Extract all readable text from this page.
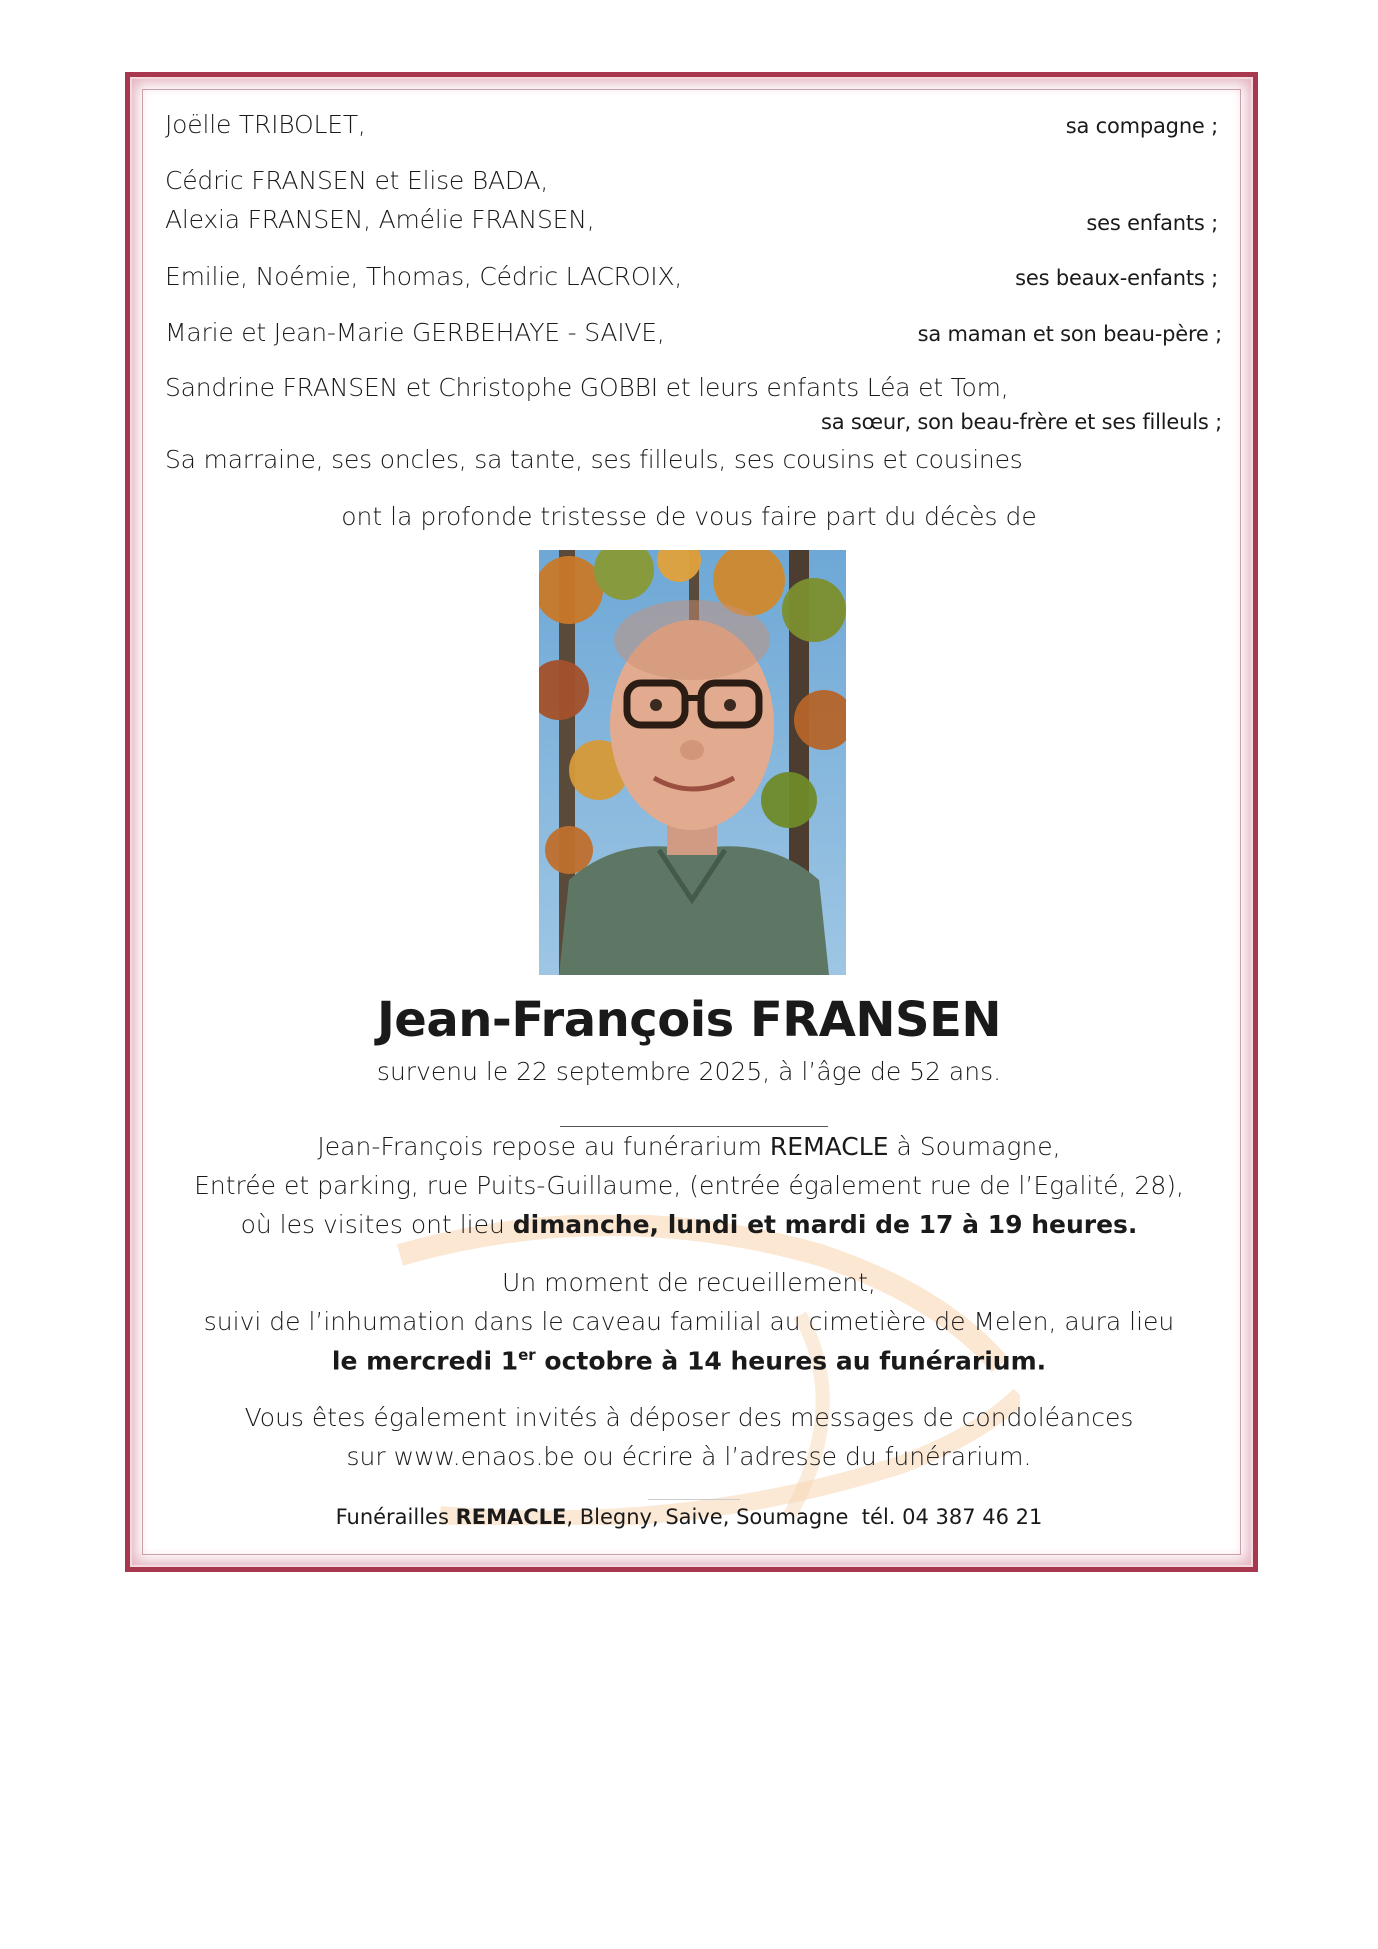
Joëlle TRIBOLET,	sa compagne ;
Cédric FRANSEN et Elise BADA,
Alexia FRANSEN, Amélie FRANSEN,	ses enfants ;
Emilie, Noémie, Thomas, Cédric LACROIX,	ses beaux-enfants ;
Marie et Jean-Marie GERBEHAYE - SAIVE,	sa maman et son beau-père ;
Sandrine FRANSEN et Christophe GOBBI et leurs enfants Léa et Tom,
sa sœur, son beau-frère et ses filleuls ;
Sa marraine, ses oncles, sa tante, ses filleuls, ses cousins et cousines
ont la profonde tristesse de vous faire part du décès de
Jean-François FRANSEN
survenu le 22 septembre 2025, à l’âge de 52 ans.
Jean-François repose au funérarium REMACLE à Soumagne,
Entrée et parking, rue Puits-Guillaume, (entrée également rue de l’Egalité, 28),
où les visites ont lieu dimanche, lundi et mardi de 17 à 19 heures.
Un moment de recueillement,
suivi de l’inhumation dans le caveau familial au cimetière de Melen, aura lieu
le mercredi 1er octobre à 14 heures au funérarium.
Vous êtes également invités à déposer des messages de condoléances
sur www.enaos.be ou écrire à l’adresse du funérarium.
Funérailles REMACLE, Blegny, Saive, Soumagne  tél. 04 387 46 21
